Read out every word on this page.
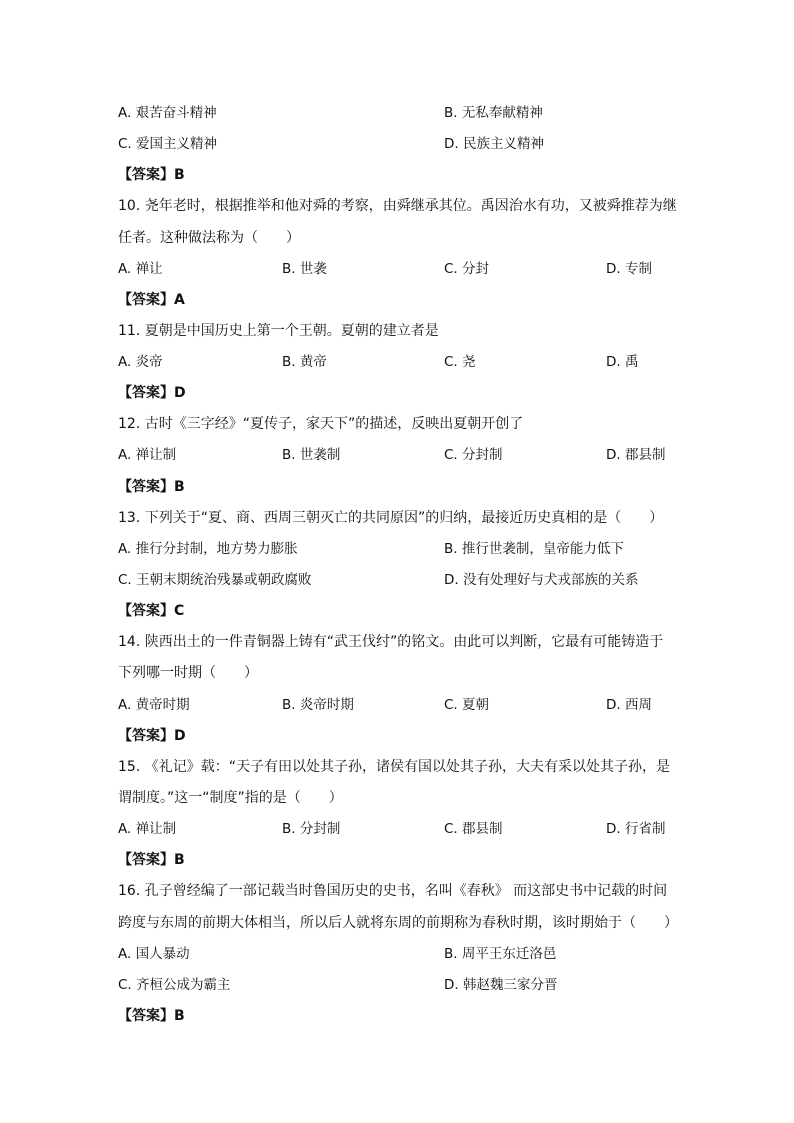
A. 艰苦奋斗精神	B. 无私奉献精神
C. 爱国主义精神	D. 民族主义精神
【答案】B
10. 尧年老时，根据推举和他对舜的考察，由舜继承其位。禹因治水有功，又被舜推荐为继
任者。这种做法称为（　　）
A. 禅让	B. 世袭	C. 分封	D. 专制
【答案】A
11. 夏朝是中国历史上第一个王朝。夏朝的建立者是
A. 炎帝	B. 黄帝	C. 尧	D. 禹
【答案】D
12. 古时《三字经》“夏传子，家天下”的描述，反映出夏朝开创了
A. 禅让制	B. 世袭制	C. 分封制	D. 郡县制
【答案】B
13. 下列关于“夏、商、西周三朝灭亡的共同原因”的归纳，最接近历史真相的是（　　）
A. 推行分封制，地方势力膨胀	B. 推行世袭制，皇帝能力低下
C. 王朝末期统治残暴或朝政腐败	D. 没有处理好与犬戎部族的关系
【答案】C
14. 陕西出土的一件青铜器上铸有“武王伐纣”的铭文。由此可以判断，它最有可能铸造于
下列哪一时期（　　）
A. 黄帝时期	B. 炎帝时期	C. 夏朝	D. 西周
【答案】D
15. 《礼记》载：“天子有田以处其子孙，诸侯有国以处其子孙，大夫有采以处其子孙，是
谓制度。”这一“制度”指的是（　　）
A. 禅让制	B. 分封制	C. 郡县制	D. 行省制
【答案】B
16. 孔子曾经编了一部记载当时鲁国历史的史书，名叫《春秋》 而这部史书中记载的时间
跨度与东周的前期大体相当，所以后人就将东周的前期称为春秋时期，该时期始于（　　）
A. 国人暴动	B. 周平王东迁洛邑
C. 齐桓公成为霸主	D. 韩赵魏三家分晋
【答案】B
